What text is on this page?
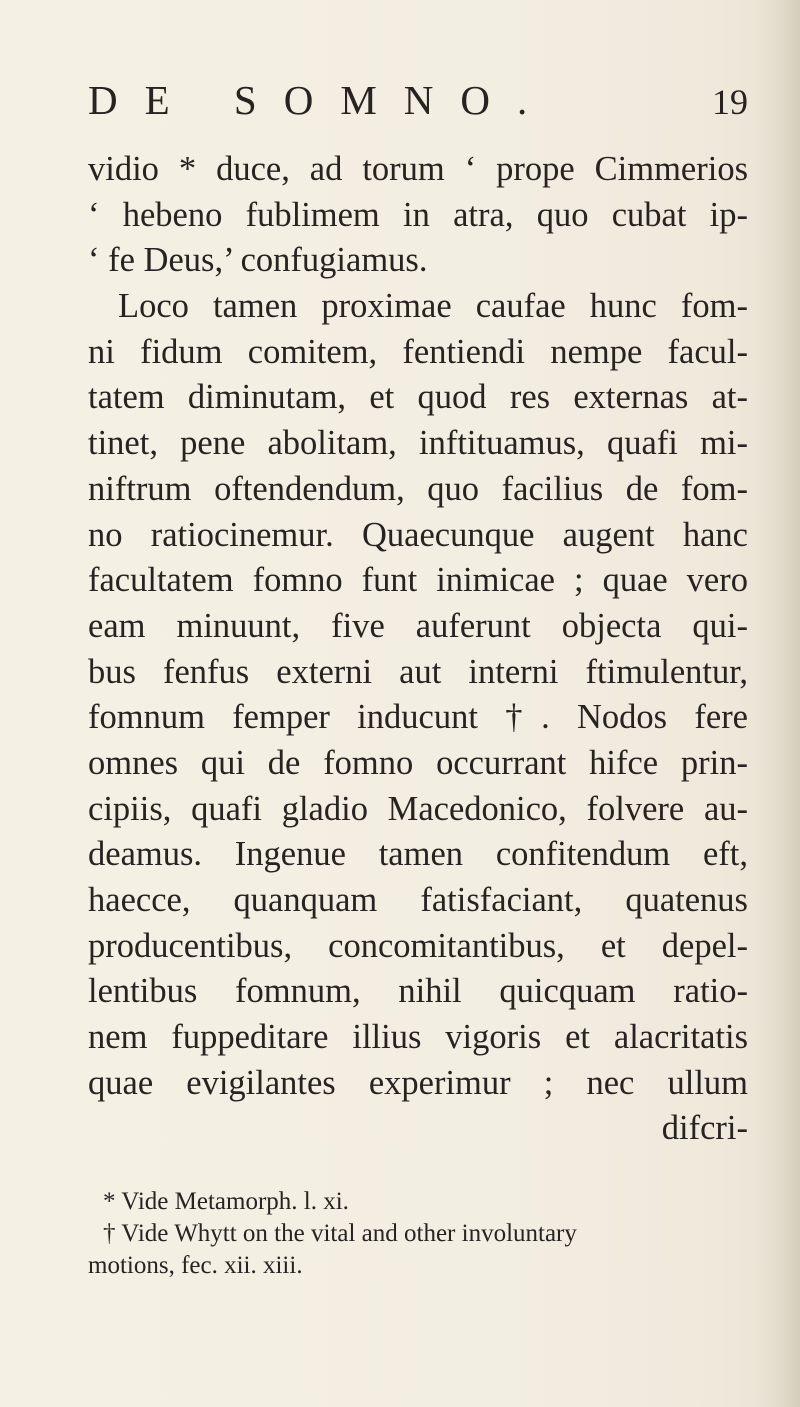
DE SOMNO.	19
vidio * duce, ad torum ‘ prope Cimmerios
‘ hebeno fublimem in atra, quo cubat ip-
‘ fe Deus,’ confugiamus.
Loco tamen proximae caufae hunc fom-
ni fidum comitem, fentiendi nempe facul-
tatem diminutam, et quod res externas at-
tinet, pene abolitam, inftituamus, quafi mi-
niftrum oftendendum, quo facilius de fom-
no ratiocinemur. Quaecunque augent hanc
facultatem fomno funt inimicae ; quae vero
eam minuunt, five auferunt objecta qui-
bus fenfus externi aut interni ftimulentur,
fomnum femper inducunt †. Nodos fere
omnes qui de fomno occurrant hifce prin-
cipiis, quafi gladio Macedonico, folvere au-
deamus. Ingenue tamen confitendum eft,
haecce, quanquam fatisfaciant, quatenus
producentibus, concomitantibus, et depel-
lentibus fomnum, nihil quicquam ratio-
nem fuppeditare illius vigoris et alacritatis
quae evigilantes experimur ; nec ullum
difcri-
* Vide Metamorph. l. xi.
† Vide Whytt on the vital and other involuntary
motions, fec. xii. xiii.
